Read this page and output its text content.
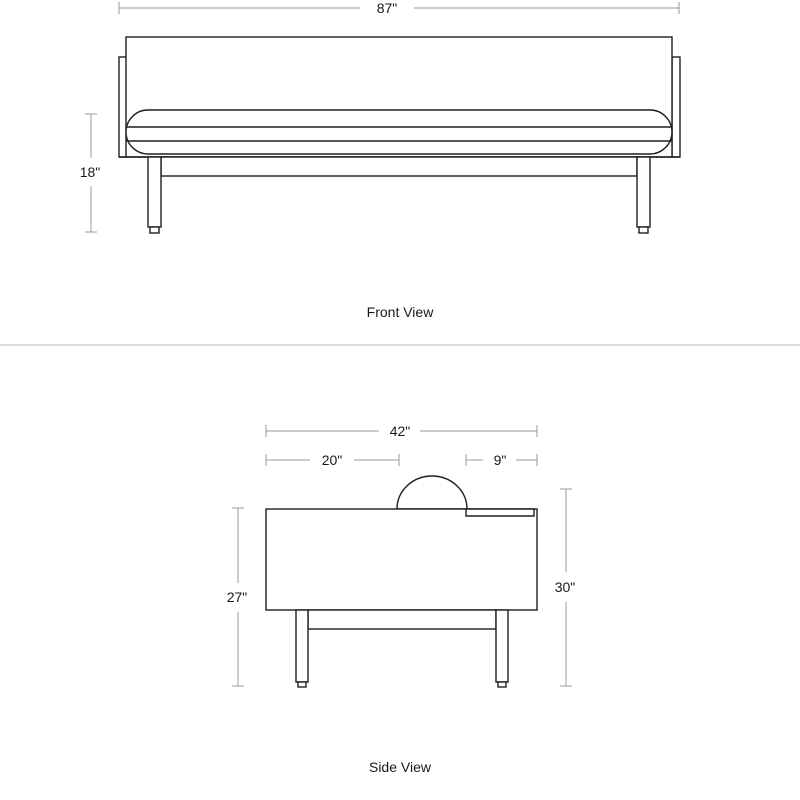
87"
18"
Front View
42"
20"	9"
27"
30"
Side View
